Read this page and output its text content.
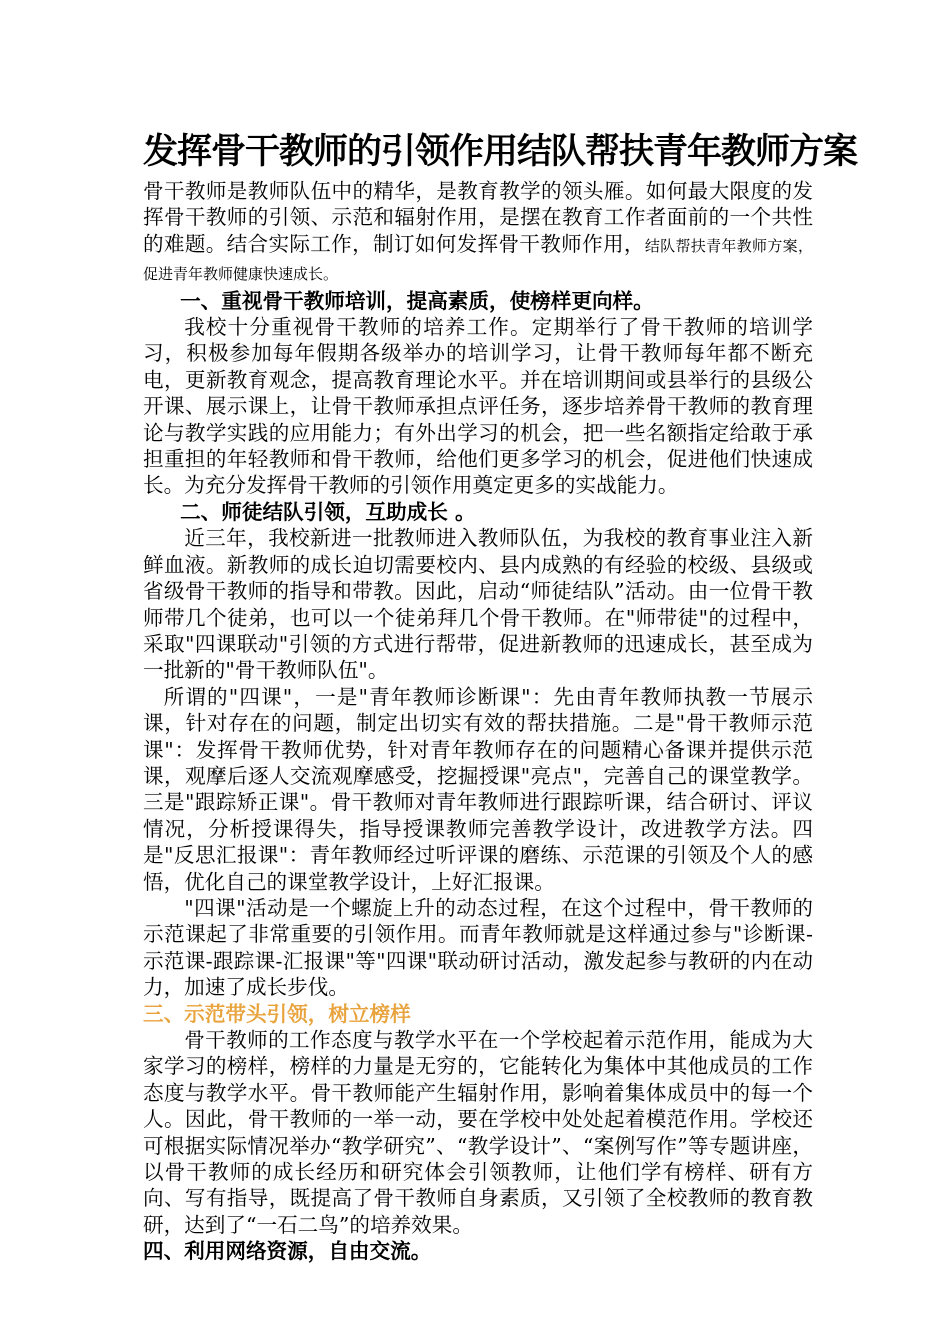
发挥骨干教师的引领作用结队帮扶青年教师方案

骨干教师是教师队伍中的精华，是教育教学的领头雁。如何最大限度的发挥骨干教师的引领、示范和辐射作用，是摆在教育工作者面前的一个共性的难题。结合实际工作，制订如何发挥骨干教师作用，结队帮扶青年教师方案，促进青年教师健康快速成长。

一、重视骨干教师培训，提高素质，使榜样更向样。

我校十分重视骨干教师的培养工作。定期举行了骨干教师的培训学习，积极参加每年假期各级举办的培训学习，让骨干教师每年都不断充电，更新教育观念，提高教育理论水平。并在培训期间或县举行的县级公开课、展示课上，让骨干教师承担点评任务，逐步培养骨干教师的教育理论与教学实践的应用能力；有外出学习的机会，把一些名额指定给敢于承担重担的年轻教师和骨干教师，给他们更多学习的机会，促进他们快速成长。为充分发挥骨干教师的引领作用奠定更多的实战能力。

二、师徒结队引领，互助成长 。

近三年，我校新进一批教师进入教师队伍，为我校的教育事业注入新鲜血液。新教师的成长迫切需要校内、县内成熟的有经验的校级、县级或省级骨干教师的指导和带教。因此，启动“师徒结队”活动。由一位骨干教师带几个徒弟，也可以一个徒弟拜几个骨干教师。在"师带徒"的过程中，采取"四课联动"引领的方式进行帮带，促进新教师的迅速成长，甚至成为一批新的"骨干教师队伍"。

所谓的"四课"，一是"青年教师诊断课"：先由青年教师执教一节展示课，针对存在的问题，制定出切实有效的帮扶措施。二是"骨干教师示范课"：发挥骨干教师优势，针对青年教师存在的问题精心备课并提供示范课，观摩后逐人交流观摩感受，挖掘授课"亮点"，完善自己的课堂教学。三是"跟踪矫正课"。骨干教师对青年教师进行跟踪听课，结合研讨、评议情况，分析授课得失，指导授课教师完善教学设计，改进教学方法。四是"反思汇报课"：青年教师经过听评课的磨练、示范课的引领及个人的感悟，优化自己的课堂教学设计，上好汇报课。

"四课"活动是一个螺旋上升的动态过程，在这个过程中，骨干教师的示范课起了非常重要的引领作用。而青年教师就是这样通过参与"诊断课-示范课-跟踪课-汇报课"等"四课"联动研讨活动，激发起参与教研的内在动力，加速了成长步伐。

三、示范带头引领，树立榜样

骨干教师的工作态度与教学水平在一个学校起着示范作用，能成为大家学习的榜样，榜样的力量是无穷的，它能转化为集体中其他成员的工作态度与教学水平。骨干教师能产生辐射作用，影响着集体成员中的每一个人。因此，骨干教师的一举一动，要在学校中处处起着模范作用。学校还可根据实际情况举办“教学研究”、“教学设计”、“案例写作”等专题讲座，以骨干教师的成长经历和研究体会引领教师，让他们学有榜样、研有方向、写有指导，既提高了骨干教师自身素质，又引领了全校教师的教育教研，达到了“一石二鸟”的培养效果。

四、利用网络资源，自由交流。
